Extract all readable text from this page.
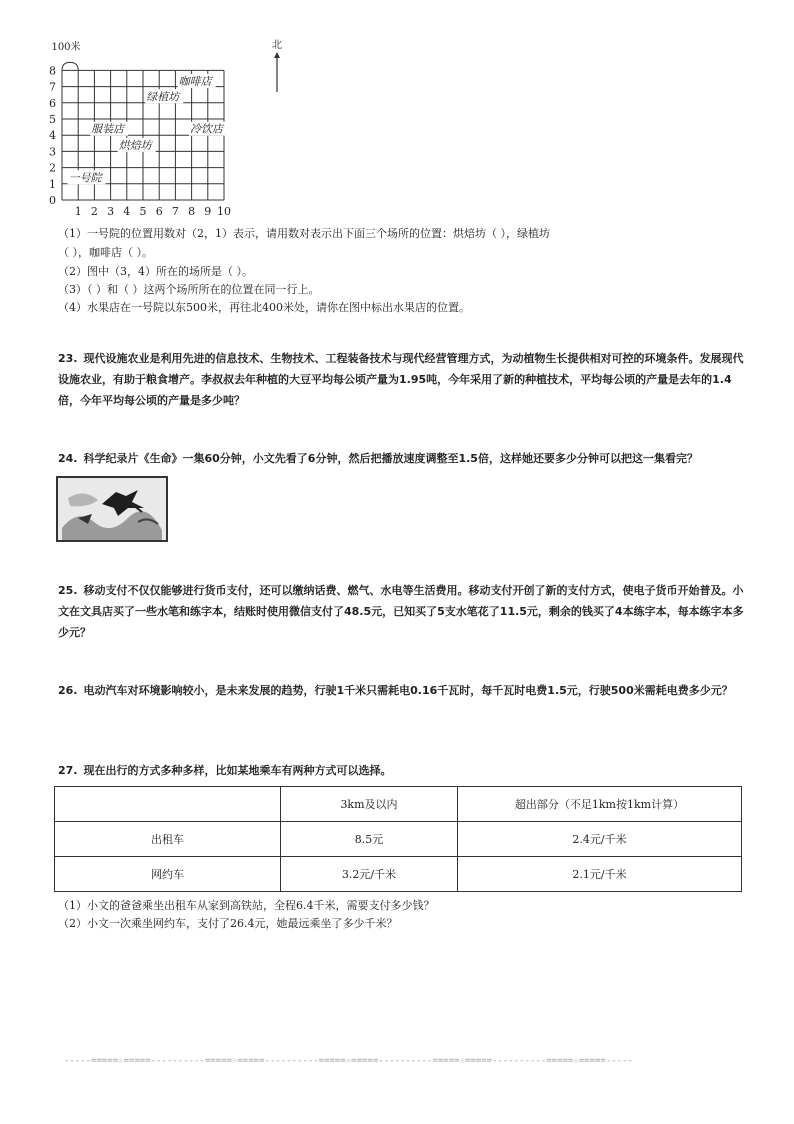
0
1
2
3
4
5
6
7
8
1 2 3 4 5 6 7 8 9 10
100米	北
咖啡店
绿植坊
服装店	冷饮店
烘焙坊
一号院
（1）一号院的位置用数对（2，1）表示，请用数对表示出下面三个场所的位置：烘焙坊（ ），绿植坊
（ ），咖啡店（ ）。
（2）图中（3，4）所在的场所是（ ）。
（3）（ ）和（ ）这两个场所所在的位置在同一行上。
（4）水果店在一号院以东500米，再往北400米处，请你在图中标出水果店的位置。
23. 现代设施农业是利用先进的信息技术、生物技术、工程装备技术与现代经营管理方式，为动植物生长提供相对可控的环境条件。发展现代设施农业，有助于粮食增产。李叔叔去年种植的大豆平均每公顷产量为1.95吨，今年采用了新的种植技术，平均每公顷的产量是去年的1.4倍，今年平均每公顷的产量是多少吨？
24. 科学纪录片《生命》一集60分钟，小文先看了6分钟，然后把播放速度调整至1.5倍，这样她还要多少分钟可以把这一集看完？
25. 移动支付不仅仅能够进行货币支付，还可以缴纳话费、燃气、水电等生活费用。移动支付开创了新的支付方式，使电子货币开始普及。小文在文具店买了一些水笔和练字本，结账时使用微信支付了48.5元，已知买了5支水笔花了11.5元，剩余的钱买了4本练字本，每本练字本多少元？
26. 电动汽车对环境影响较小，是未来发展的趋势，行驶1千米只需耗电0.16千瓦时，每千瓦时电费1.5元，行驶500米需耗电费多少元？
27. 现在出行的方式多种多样，比如某地乘车有两种方式可以选择。
	3km及以内	超出部分（不足1km按1km计算）
出租车	8.5元	2.4元/千米
网约车	3.2元/千米	2.1元/千米
（1）小文的爸爸乘坐出租车从家到高铁站，全程6.4千米，需要支付多少钱？
（2）小文一次乘坐网约车，支付了26.4元，她最远乘坐了多少千米？
-----=====☆=====----------=====☆=====----------=====☆=====----------=====☆=====----------=====☆=====-----
